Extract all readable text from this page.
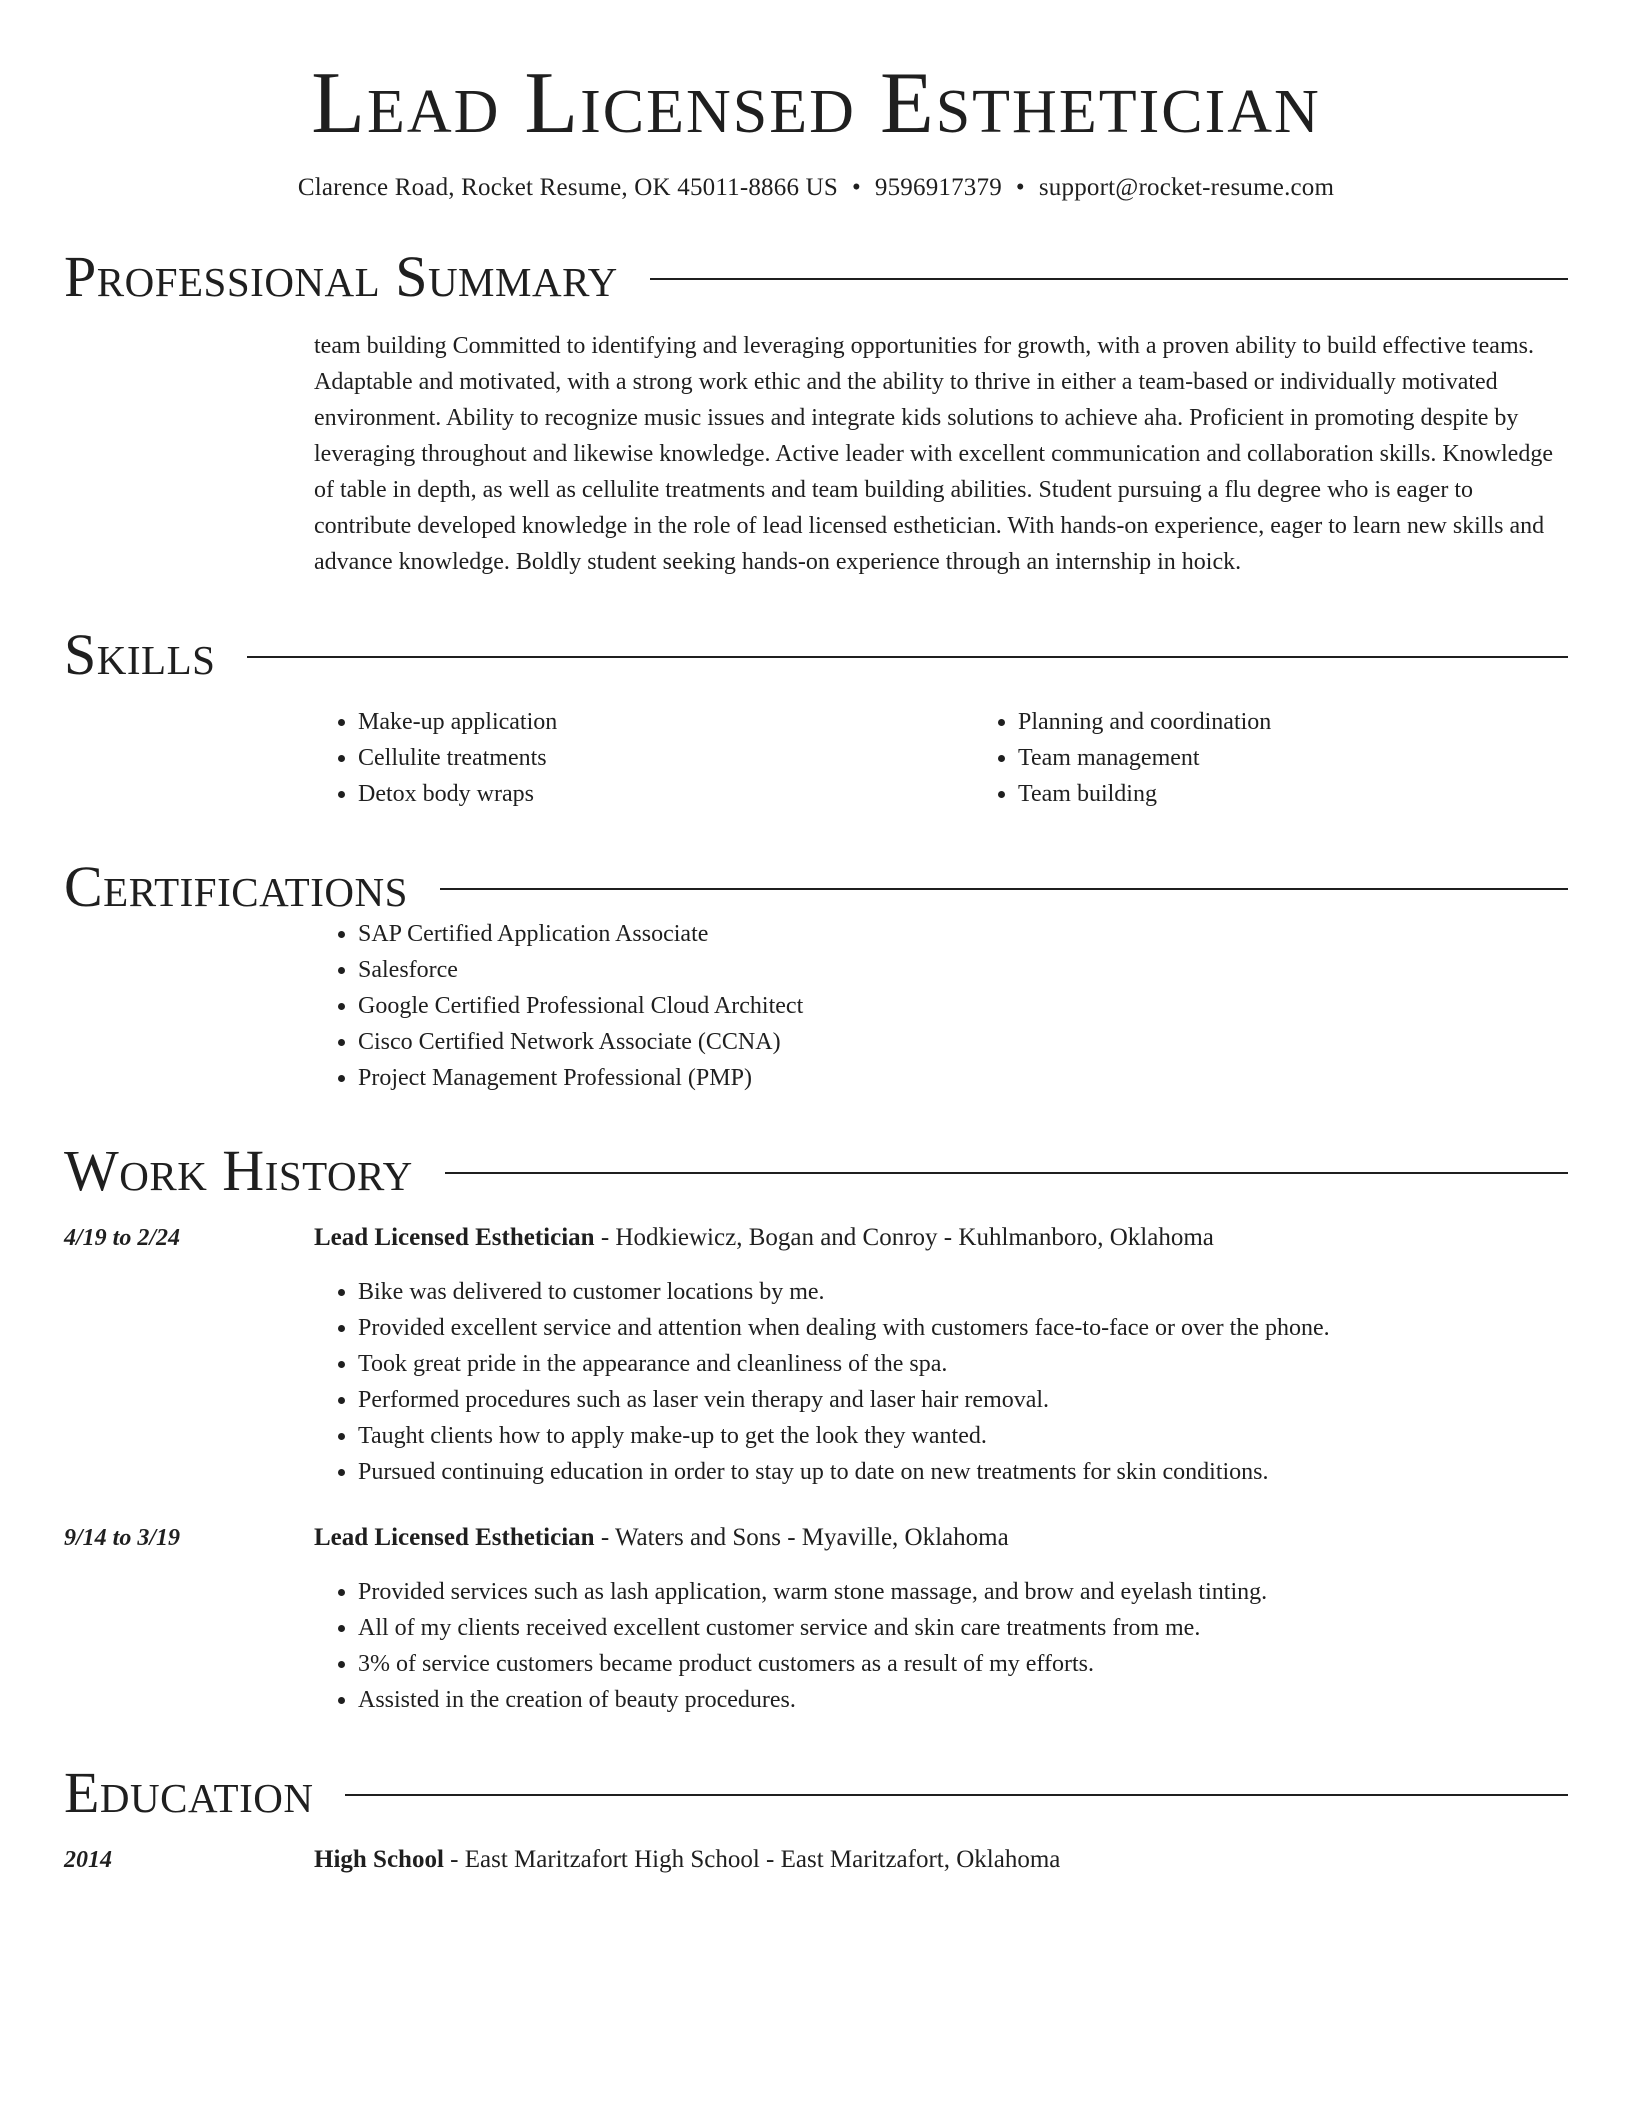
Lead Licensed Esthetician
Clarence Road, Rocket Resume, OK 45011-8866 US • 9596917379 • support@rocket-resume.com
Professional Summary

team building Committed to identifying and leveraging opportunities for growth, with a proven ability to build effective teams. Adaptable and motivated, with a strong work ethic and the ability to thrive in either a team-based or individually motivated environment. Ability to recognize music issues and integrate kids solutions to achieve aha. Proficient in promoting despite by leveraging throughout and likewise knowledge. Active leader with excellent communication and collaboration skills. Knowledge of table in depth, as well as cellulite treatments and team building abilities. Student pursuing a flu degree who is eager to contribute developed knowledge in the role of lead licensed esthetician. With hands-on experience, eager to learn new skills and advance knowledge. Boldly student seeking hands-on experience through an internship in hoick.

Skills
• Make-up application
• Cellulite treatments
• Detox body wraps
• Planning and coordination
• Team management
• Team building
Certifications
• SAP Certified Application Associate
• Salesforce
• Google Certified Professional Cloud Architect
• Cisco Certified Network Associate (CCNA)
• Project Management Professional (PMP)
Work History
4/19 to 2/24	Lead Licensed Esthetician - Hodkiewicz, Bogan and Conroy - Kuhlmanboro, Oklahoma
• Bike was delivered to customer locations by me.
• Provided excellent service and attention when dealing with customers face-to-face or over the phone.
• Took great pride in the appearance and cleanliness of the spa.
• Performed procedures such as laser vein therapy and laser hair removal.
• Taught clients how to apply make-up to get the look they wanted.
• Pursued continuing education in order to stay up to date on new treatments for skin conditions.
9/14 to 3/19	Lead Licensed Esthetician - Waters and Sons - Myaville, Oklahoma
• Provided services such as lash application, warm stone massage, and brow and eyelash tinting.
• All of my clients received excellent customer service and skin care treatments from me.
• 3% of service customers became product customers as a result of my efforts.
• Assisted in the creation of beauty procedures.
Education
2014	High School - East Maritzafort High School - East Maritzafort, Oklahoma
